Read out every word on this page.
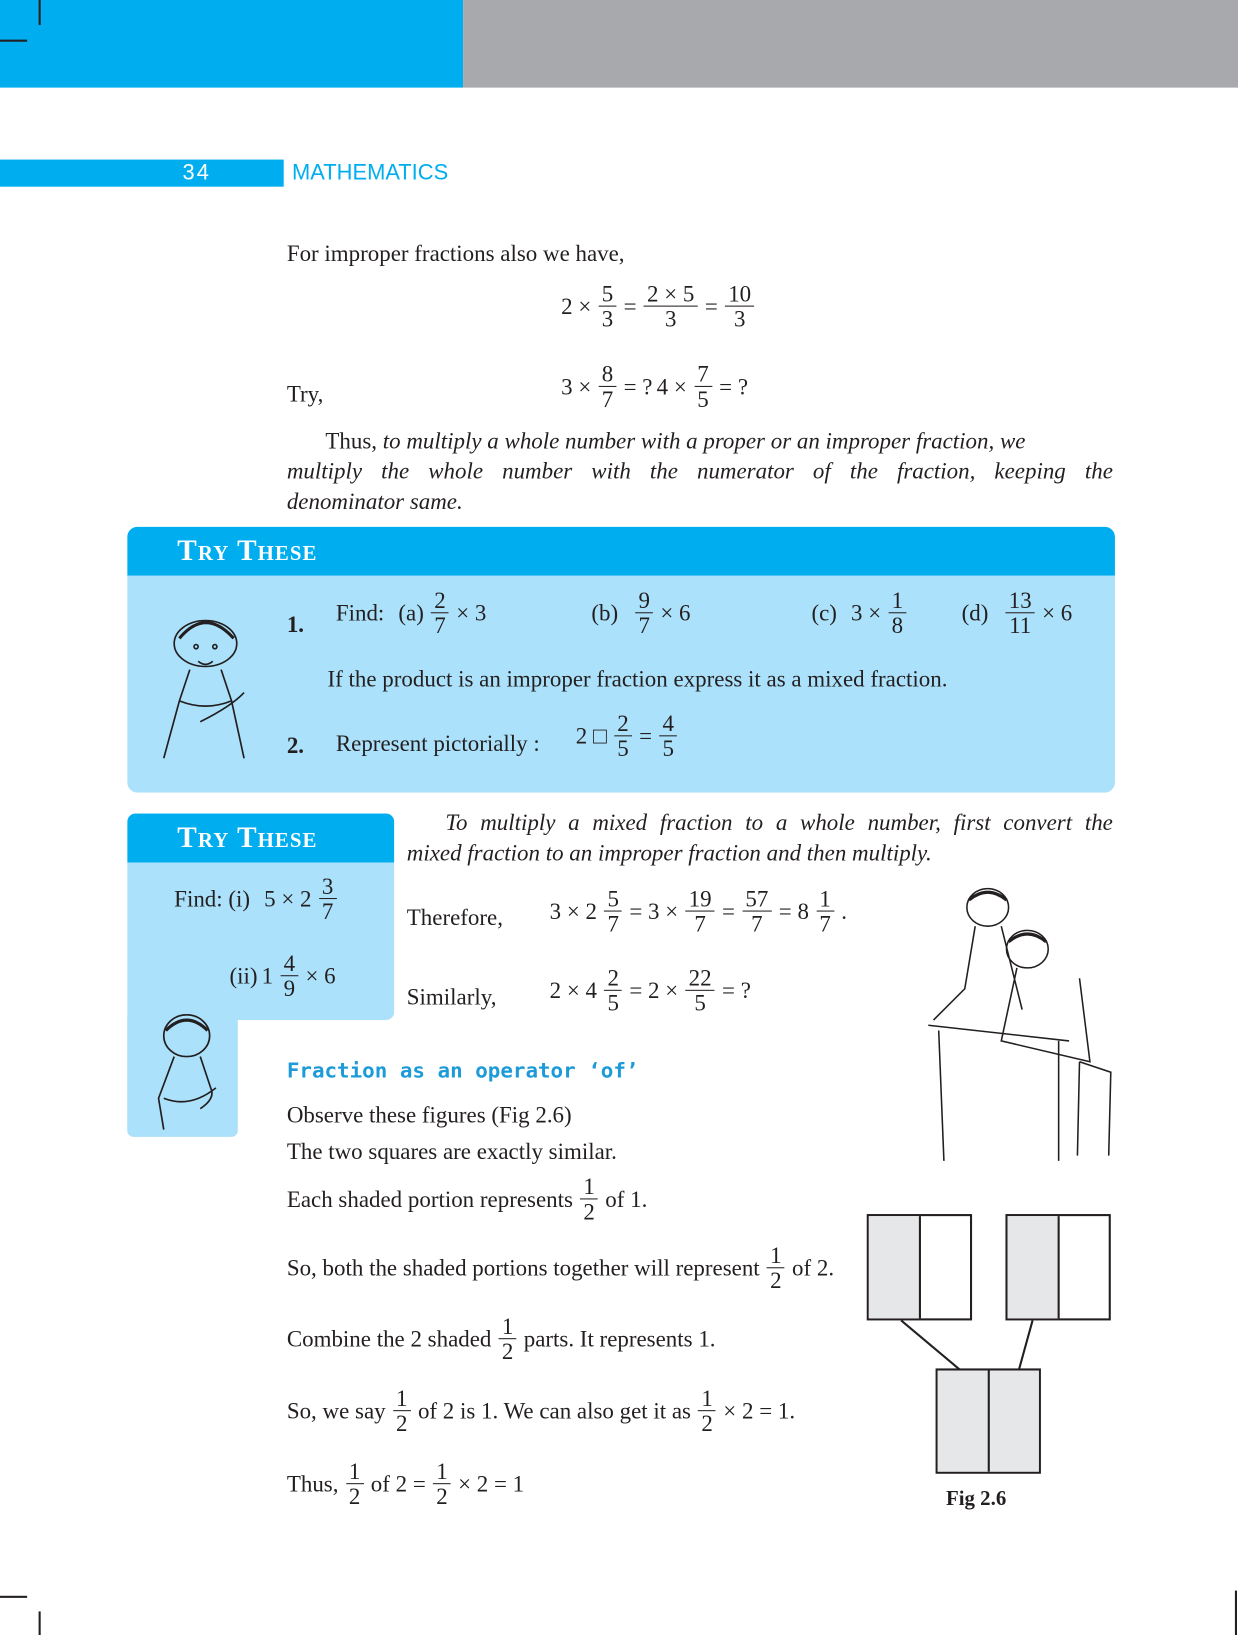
34	MATHEMATICS
For improper fractions also we have,
$2 \times \frac{5}{3} = \frac{2 \times 5}{3} = \frac{10}{3}$
Try,	$3 \times \frac{8}{7}$ = ? $4 \times \frac{7}{5}$ = ?
Thus, to multiply a whole number with a proper or an improper fraction, we
multiply the whole number with the numerator of the fraction, keeping the
denominator same.
Try These
1. Find:
$(a) \frac{2}{7} \times 3$	(b)
$\frac{9}{7} \times 6$	(c)
$3 \times \frac{1}{8}$	(d)
$\frac{13}{11} \times 6$
If the product is an improper fraction express it as a mixed fraction.
2. Represent pictorially : 2 □ $\frac{2}{5} = \frac{4}{5}$
Try These
Find: (i)
$5 \times 2 \frac{3}{7}$
(ii) $1 \frac{4}{9} \times 6$
To multiply a mixed fraction to a whole number, first convert the
mixed fraction to an improper fraction and then multiply.
Therefore, $3 \times 2 \frac{5}{7} = 3 \times \frac{19}{7} = \frac{57}{7} = 8 \frac{1}{7}$ .
Similarly, $2 \times 4 \frac{2}{5} = 2 \times \frac{22}{5}$ = ?
Fraction as an operator ‘of’
Observe these figures (Fig 2.6)
The two squares are exactly similar.
Each shaded portion represents $\frac{1}{2}$ of 1.
So, both the shaded portions together will represent $\frac{1}{2}$ of 2.
Combine the 2 shaded $\frac{1}{2}$ parts. It represents 1.
So, we say $\frac{1}{2}$ of 2 is 1. We can also get it as $\frac{1}{2} \times 2 = 1$.
Thus, $\frac{1}{2}$ of $2 = \frac{1}{2} \times 2 = 1$
Fig 2.6
